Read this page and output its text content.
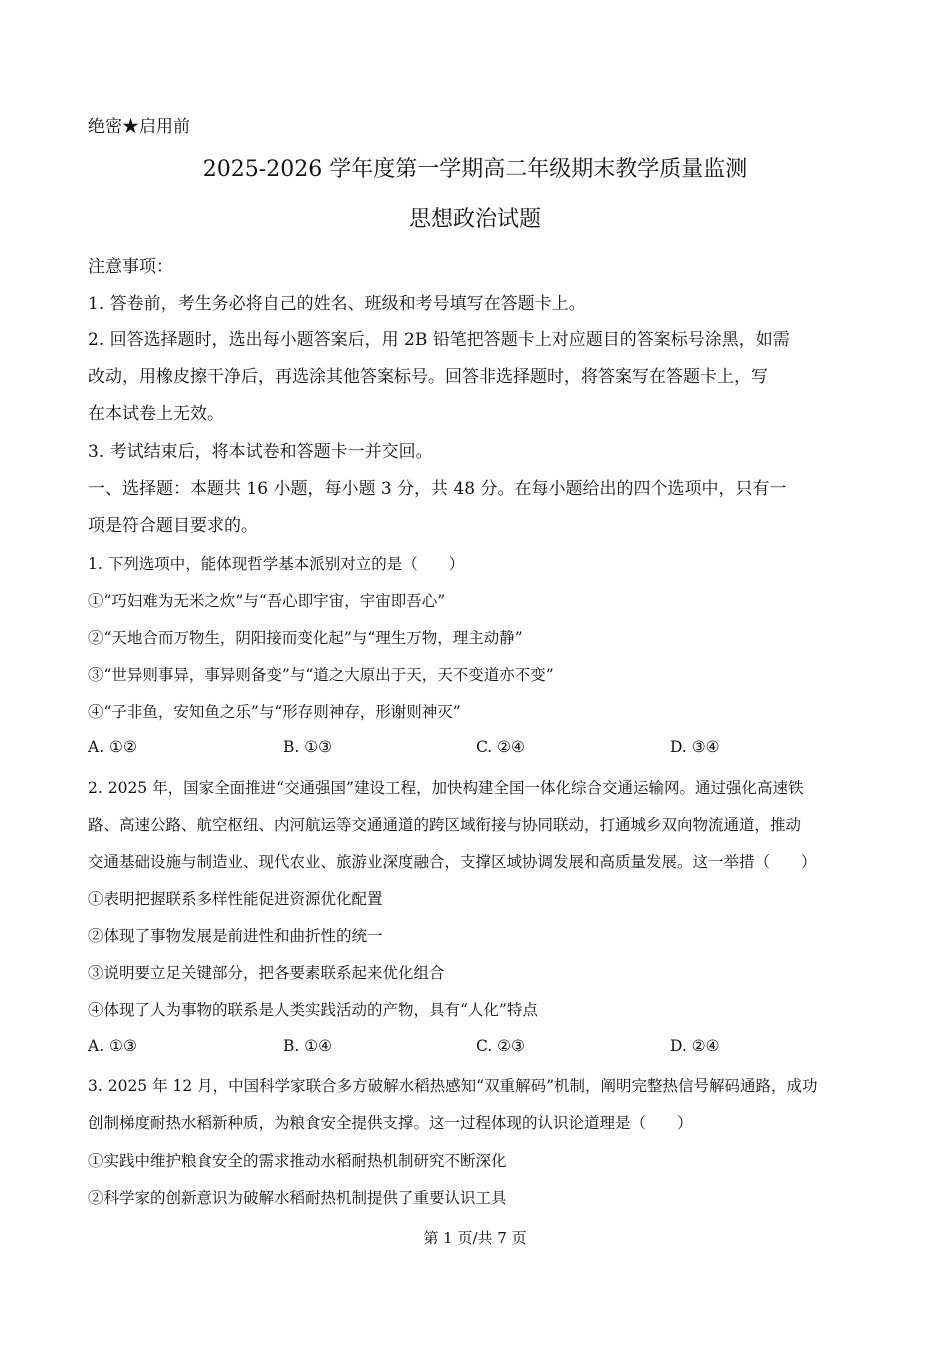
绝密★启用前
2025-2026 学年度第一学期高二年级期末教学质量监测
思想政治试题
注意事项：
1. 答卷前，考生务必将自己的姓名、班级和考号填写在答题卡上。
2. 回答选择题时，选出每小题答案后，用 2B 铅笔把答题卡上对应题目的答案标号涂黑，如需
改动，用橡皮擦干净后，再选涂其他答案标号。回答非选择题时，将答案写在答题卡上，写
在本试卷上无效。
3. 考试结束后，将本试卷和答题卡一并交回。
一、选择题：本题共 16 小题，每小题 3 分，共 48 分。在每小题给出的四个选项中，只有一
项是符合题目要求的。
1. 下列选项中，能体现哲学基本派别对立的是（　　）
①“巧妇难为无米之炊”与“吾心即宇宙，宇宙即吾心”
②“天地合而万物生，阴阳接而变化起”与“理生万物，理主动静”
③“世异则事异，事异则备变”与“道之大原出于天，天不变道亦不变”
④“子非鱼，安知鱼之乐”与“形存则神存，形谢则神灭”
A. ①②	B. ①③	C. ②④	D. ③④
2. 2025 年，国家全面推进“交通强国”建设工程，加快构建全国一体化综合交通运输网。通过强化高速铁
路、高速公路、航空枢纽、内河航运等交通通道的跨区域衔接与协同联动，打通城乡双向物流通道，推动
交通基础设施与制造业、现代农业、旅游业深度融合，支撑区域协调发展和高质量发展。这一举措（　　）
①表明把握联系多样性能促进资源优化配置
②体现了事物发展是前进性和曲折性的统一
③说明要立足关键部分，把各要素联系起来优化组合
④体现了人为事物的联系是人类实践活动的产物，具有“人化”特点
A. ①③	B. ①④	C. ②③	D. ②④
3. 2025 年 12 月，中国科学家联合多方破解水稻热感知“双重解码”机制，阐明完整热信号解码通路，成功
创制梯度耐热水稻新种质，为粮食安全提供支撑。这一过程体现的认识论道理是（　　）
①实践中维护粮食安全的需求推动水稻耐热机制研究不断深化
②科学家的创新意识为破解水稻耐热机制提供了重要认识工具
第 1 页/共 7 页
